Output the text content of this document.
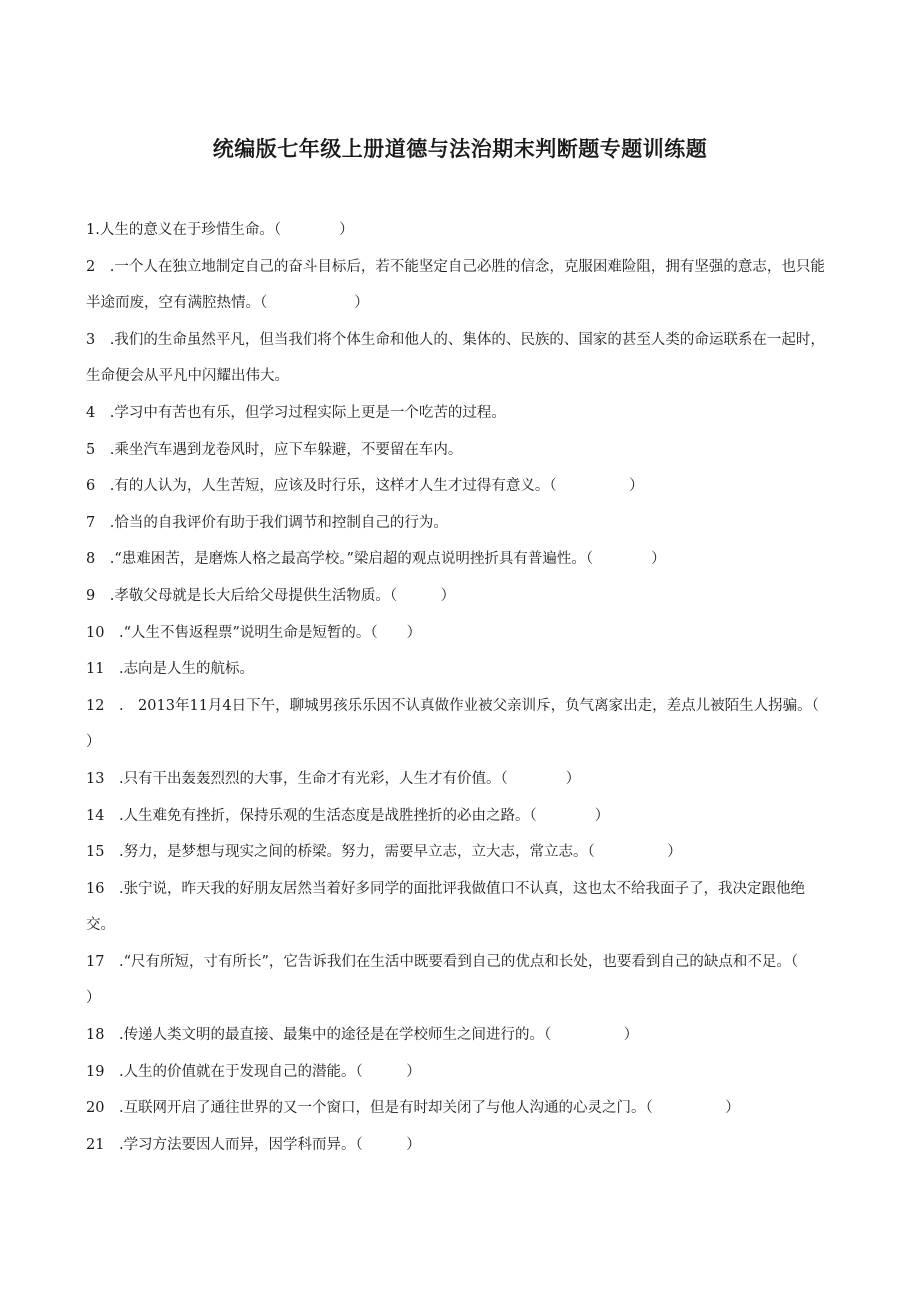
统编版七年级上册道德与法治期末判断题专题训练题
1.人生的意义在于珍惜生命。（　　　　）
2　.一个人在独立地制定自己的奋斗目标后，若不能坚定自己必胜的信念，克服困难险阻，拥有坚强的意志，也只能半途而废，空有满腔热情。（　　　　　　）
3　.我们的生命虽然平凡，但当我们将个体生命和他人的、集体的、民族的、国家的甚至人类的命运联系在一起时，生命便会从平凡中闪耀出伟大。
4　.学习中有苦也有乐，但学习过程实际上更是一个吃苦的过程。
5　.乘坐汽车遇到龙卷风时，应下车躲避，不要留在车内。
6　.有的人认为，人生苦短，应该及时行乐，这样才人生才过得有意义。（　　　　　）
7　.恰当的自我评价有助于我们调节和控制自己的行为。
8　.“患难困苦，是磨炼人格之最高学校。”梁启超的观点说明挫折具有普遍性。（　　　　）
9　.孝敬父母就是长大后给父母提供生活物质。（　　　）
10　.“人生不售返程票”说明生命是短暂的。（　　）
11　.志向是人生的航标。
12　.　2013年11月4日下午，聊城男孩乐乐因不认真做作业被父亲训斥，负气离家出走，差点儿被陌生人拐骗。（　　　　）
13　.只有干出轰轰烈烈的大事，生命才有光彩，人生才有价值。（　　　　）
14　.人生难免有挫折，保持乐观的生活态度是战胜挫折的必由之路。（　　　　）
15　.努力，是梦想与现实之间的桥梁。努力，需要早立志，立大志，常立志。（　　　　　）
16　.张宁说，昨天我的好朋友居然当着好多同学的面批评我做值口不认真，这也太不给我面子了，我决定跟他绝交。
17　.“尺有所短，寸有所长”，它告诉我们在生活中既要看到自己的优点和长处，也要看到自己的缺点和不足。（　　　　　）
18　.传递人类文明的最直接、最集中的途径是在学校师生之间进行的。（　　　　　）
19　.人生的价值就在于发现自己的潜能。（　　　）
20　.互联网开启了通往世界的又一个窗口，但是有时却关闭了与他人沟通的心灵之门。（　　　　　）
21　.学习方法要因人而异，因学科而异。（　　　）
